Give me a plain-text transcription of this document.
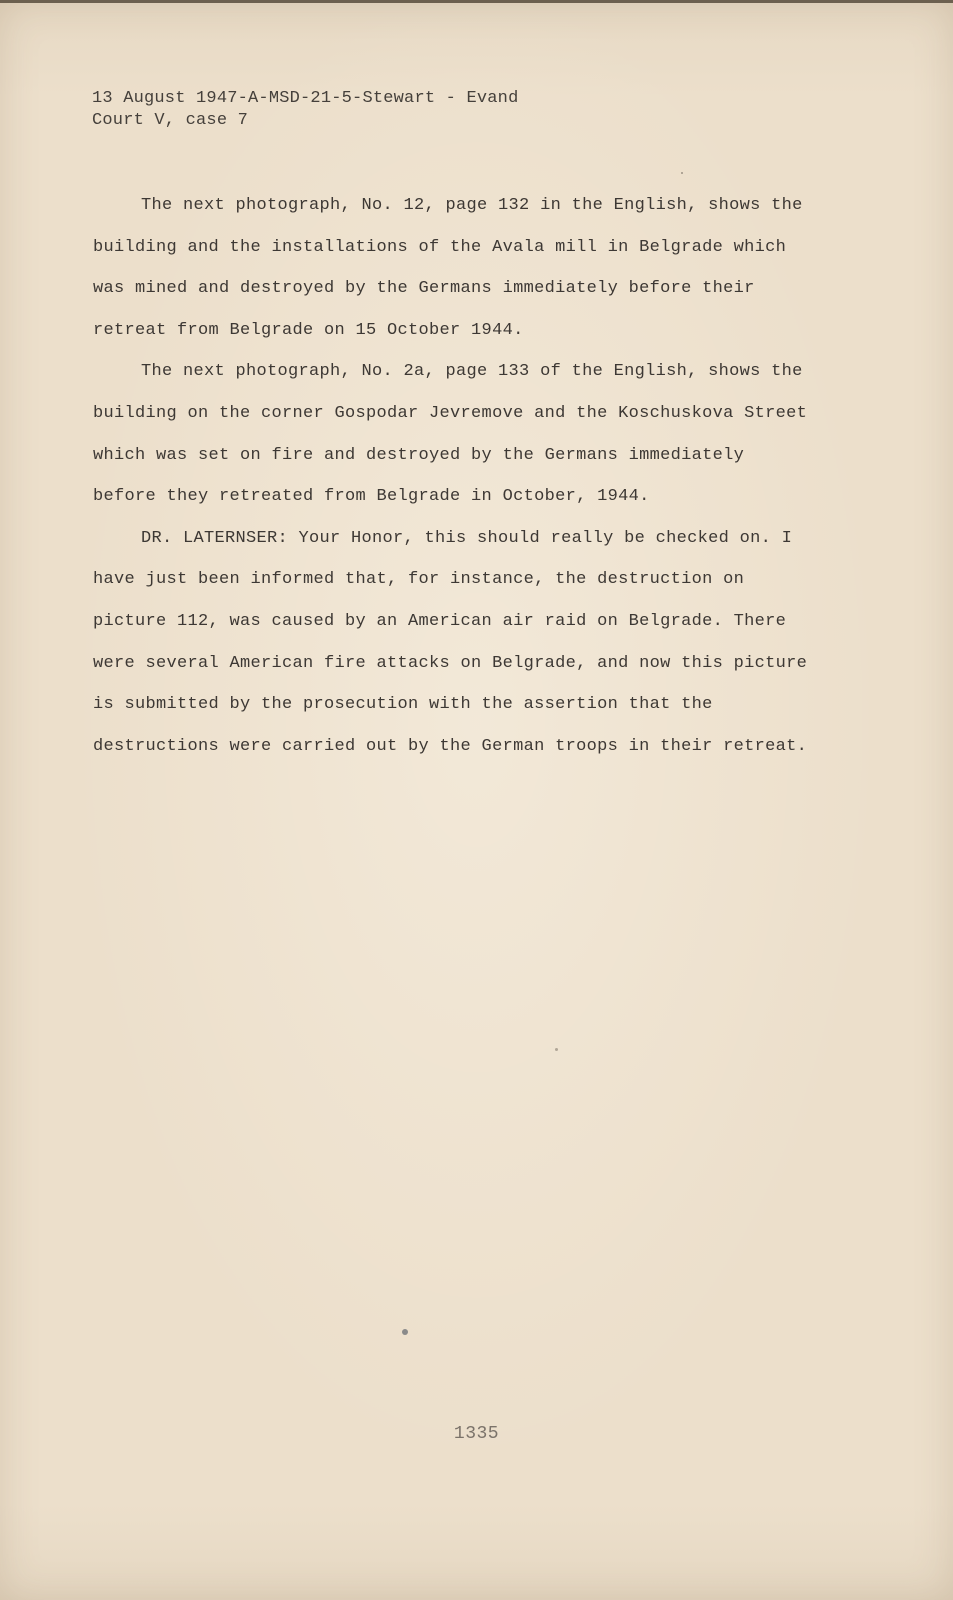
13 August 1947-A-MSD-21-5-Stewart - Evand
Court V, case 7

The next photograph, No. 12, page 132 in the English, shows the building and the installations of the Avala mill in Belgrade which was mined and destroyed by the Germans immediately before their retreat from Belgrade on 15 October 1944.

The next photograph, No. 2a, page 133 of the English, shows the building on the corner Gospodar Jevremove and the Koschuskova Street which was set on fire and destroyed by the Germans immediately before they retreated from Belgrade in October, 1944.

DR. LATERNSER: Your Honor, this should really be checked on. I have just been informed that, for instance, the destruction on picture 112, was caused by an American air raid on Belgrade. There were several American fire attacks on Belgrade, and now this picture is submitted by the prosecution with the assertion that the destructions were carried out by the German troops in their retreat.

1335
